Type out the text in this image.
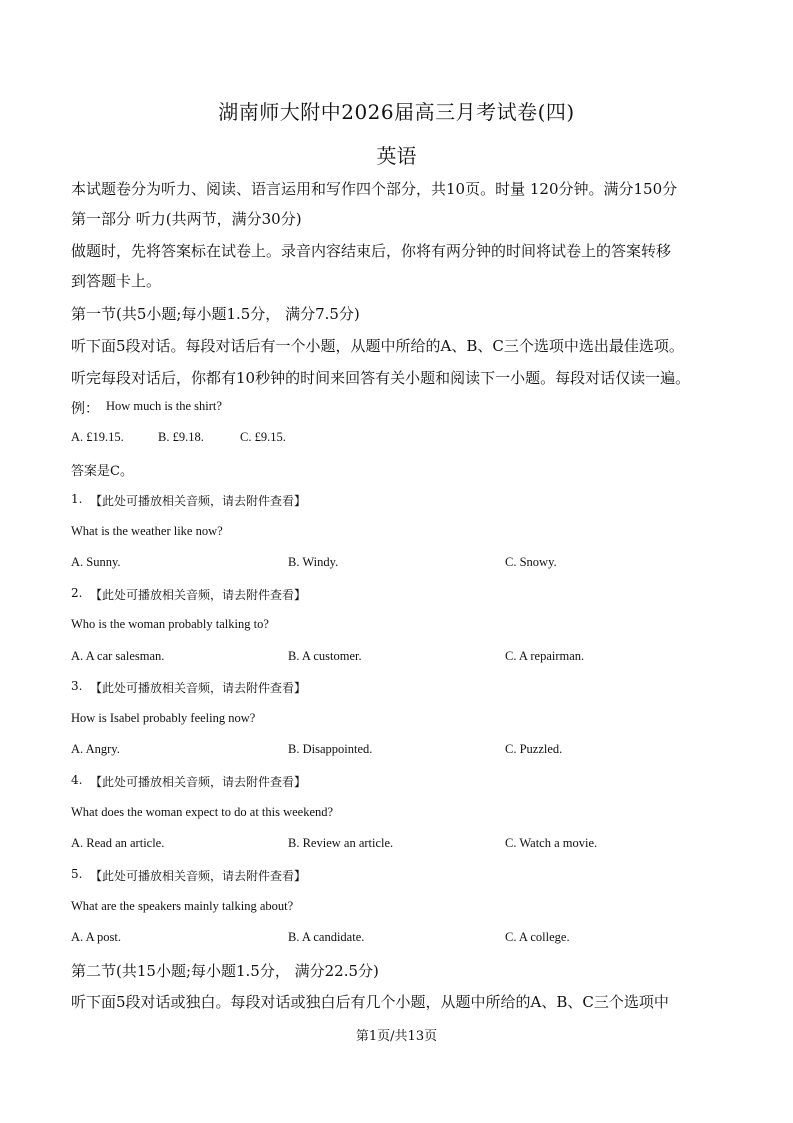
湖南师大附中2026届高三月考试卷(四)
英语
本试题卷分为听力、阅读、语言运用和写作四个部分，共10页。时量 120分钟。满分150分
第一部分 听力(共两节，满分30分)
做题时，先将答案标在试卷上。录音内容结束后，你将有两分钟的时间将试卷上的答案转移
到答题卡上。
第一节(共5小题;每小题1.5分， 满分7.5分)
听下面5段对话。每段对话后有一个小题，从题中所给的A、B、C三个选项中选出最佳选项。
听完每段对话后，你都有10秒钟的时间来回答有关小题和阅读下一小题。每段对话仅读一遍。
例： How much is the shirt?
A. £19.15.	B. £9.18.	C. £9.15.
答案是C。
1. 【此处可播放相关音频，请去附件查看】
What is the weather like now?
A. Sunny.	B. Windy.	C. Snowy.
2. 【此处可播放相关音频，请去附件查看】
Who is the woman probably talking to?
A. A car salesman.	B. A customer.	C. A repairman.
3. 【此处可播放相关音频，请去附件查看】
How is Isabel probably feeling now?
A. Angry.	B. Disappointed.	C. Puzzled.
4. 【此处可播放相关音频，请去附件查看】
What does the woman expect to do at this weekend?
A. Read an article.	B. Review an article.	C. Watch a movie.
5. 【此处可播放相关音频，请去附件查看】
What are the speakers mainly talking about?
A. A post.	B. A candidate.	C. A college.
第二节(共15小题;每小题1.5分， 满分22.5分)
听下面5段对话或独白。每段对话或独白后有几个小题，从题中所给的A、B、C三个选项中
第1页/共13页
